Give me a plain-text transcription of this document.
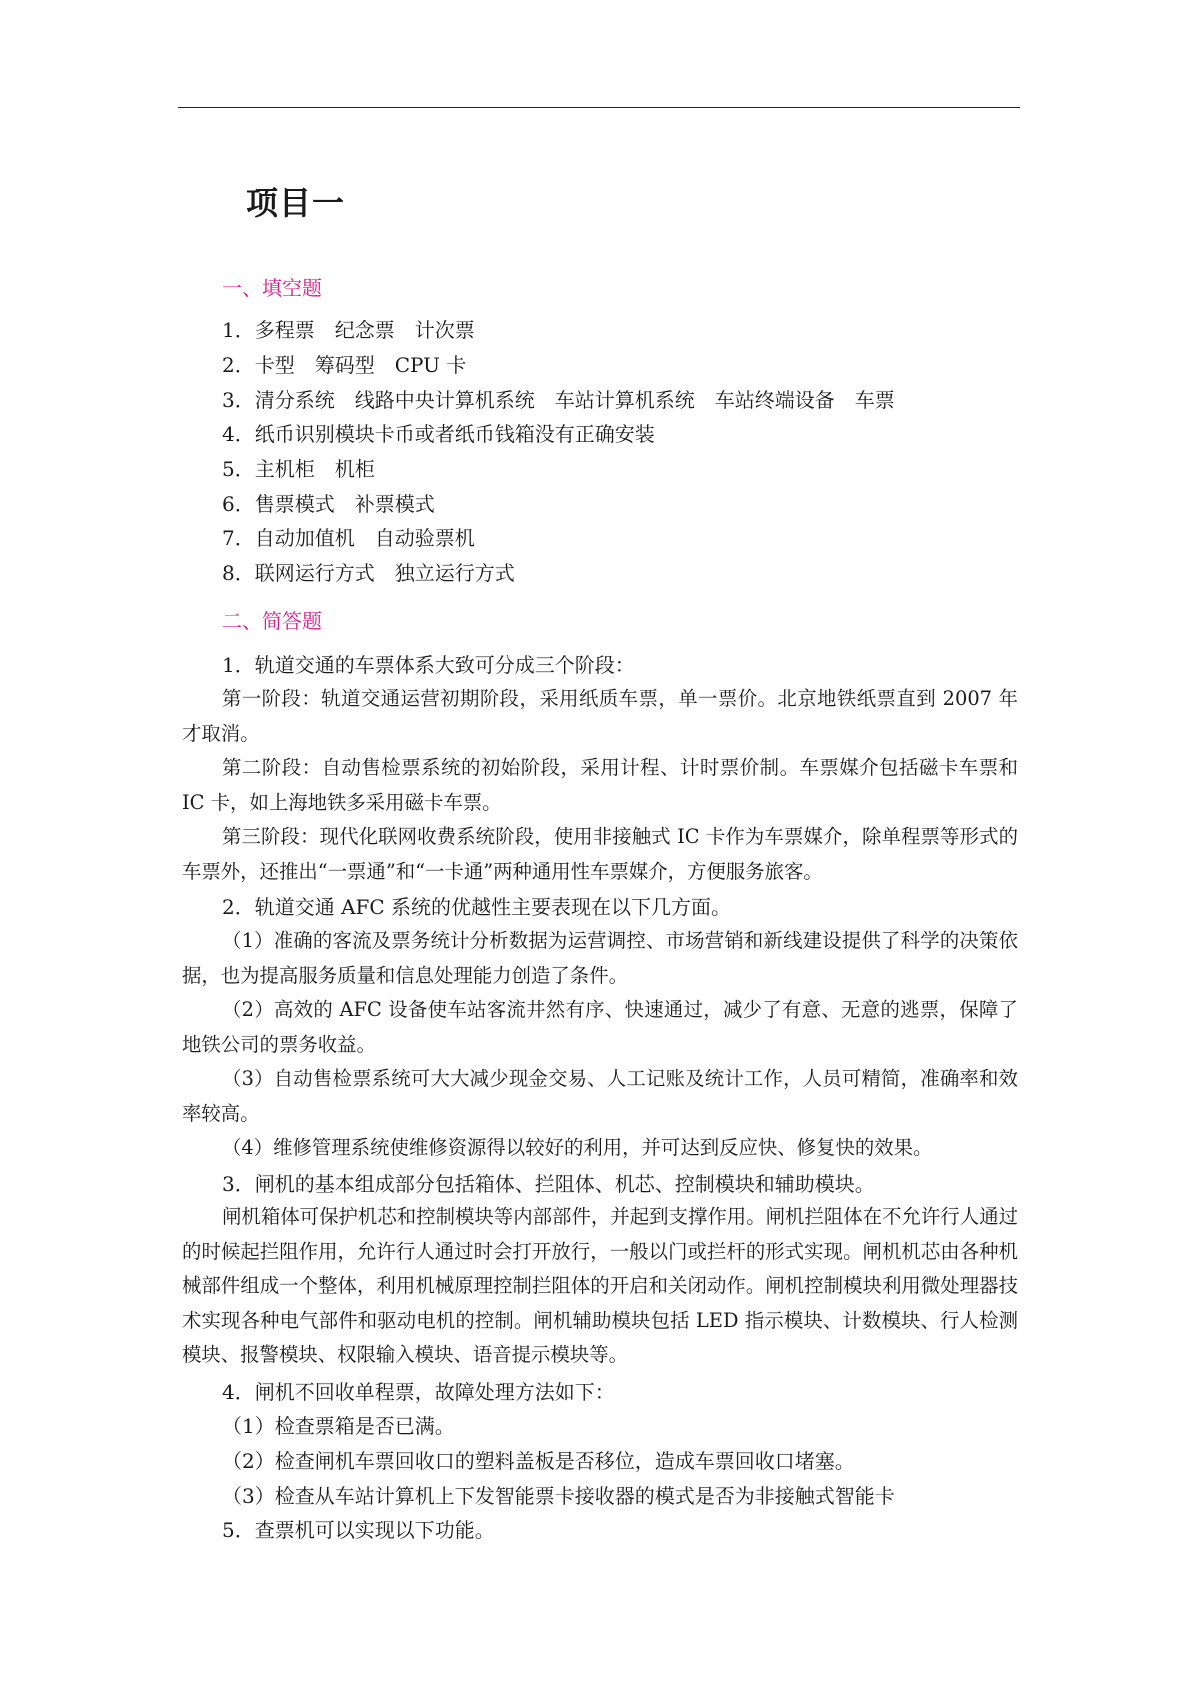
项目一
一、填空题
1．多程票　纪念票　计次票
2．卡型　筹码型　CPU 卡
3．清分系统　线路中央计算机系统　车站计算机系统　车站终端设备　车票
4．纸币识别模块卡币或者纸币钱箱没有正确安装
5．主机柜　机柜
6．售票模式　补票模式
7．自动加值机　自动验票机
8．联网运行方式　独立运行方式
二、简答题
1．轨道交通的车票体系大致可分成三个阶段：
第一阶段：轨道交通运营初期阶段，采用纸质车票，单一票价。北京地铁纸票直到 2007 年才取消。
第二阶段：自动售检票系统的初始阶段，采用计程、计时票价制。车票媒介包括磁卡车票和 IC 卡，如上海地铁多采用磁卡车票。
第三阶段：现代化联网收费系统阶段，使用非接触式 IC 卡作为车票媒介，除单程票等形式的车票外，还推出“一票通”和“一卡通”两种通用性车票媒介，方便服务旅客。
2．轨道交通 AFC 系统的优越性主要表现在以下几方面。
（1）准确的客流及票务统计分析数据为运营调控、市场营销和新线建设提供了科学的决策依据，也为提高服务质量和信息处理能力创造了条件。
（2）高效的 AFC 设备使车站客流井然有序、快速通过，减少了有意、无意的逃票，保障了地铁公司的票务收益。
（3）自动售检票系统可大大减少现金交易、人工记账及统计工作，人员可精简，准确率和效率较高。
（4）维修管理系统使维修资源得以较好的利用，并可达到反应快、修复快的效果。
3．闸机的基本组成部分包括箱体、拦阻体、机芯、控制模块和辅助模块。
闸机箱体可保护机芯和控制模块等内部部件，并起到支撑作用。闸机拦阻体在不允许行人通过的时候起拦阻作用，允许行人通过时会打开放行，一般以门或拦杆的形式实现。闸机机芯由各种机械部件组成一个整体，利用机械原理控制拦阻体的开启和关闭动作。闸机控制模块利用微处理器技术实现各种电气部件和驱动电机的控制。闸机辅助模块包括 LED 指示模块、计数模块、行人检测模块、报警模块、权限输入模块、语音提示模块等。
4．闸机不回收单程票，故障处理方法如下：
（1）检查票箱是否已满。
（2）检查闸机车票回收口的塑料盖板是否移位，造成车票回收口堵塞。
（3）检查从车站计算机上下发智能票卡接收器的模式是否为非接触式智能卡
5．查票机可以实现以下功能。
